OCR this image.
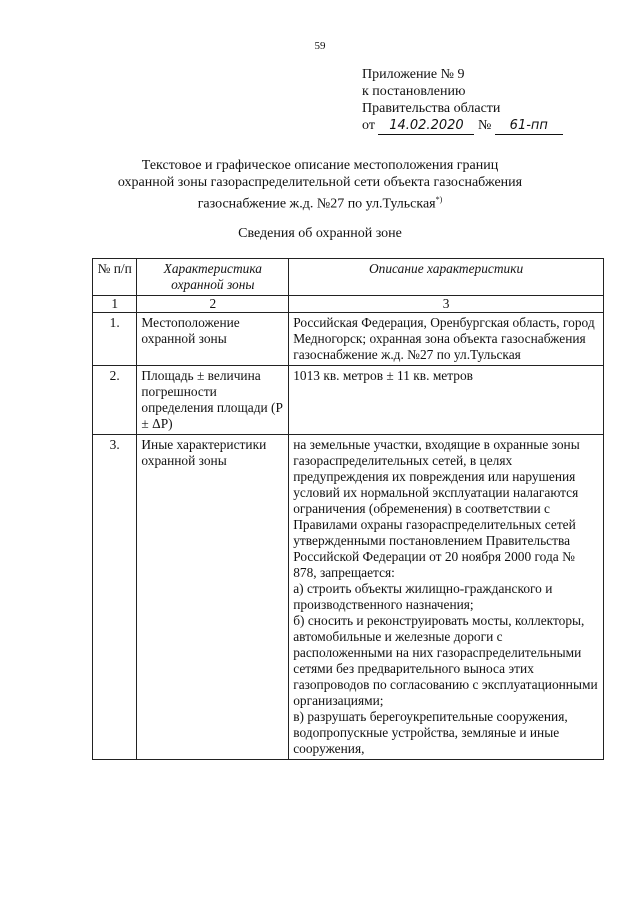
59
Приложение № 9
к постановлению
Правительства области
от 14.02.2020 № 61-пп
Текстовое и графическое описание местоположения границ
охранной зоны газораспределительной сети объекта газоснабжения
газоснабжение ж.д. №27 по ул.Тульская*)
Сведения об охранной зоне
№ п/п	Характеристика охранной зоны	Описание характеристики
1	2	3
1.	Местоположение охранной зоны	Российская Федерация, Оренбургская область, город Медногорск; охранная зона объекта газоснабжения газоснабжение ж.д. №27 по ул.Тульская
2.	Площадь ± величина погрешности определения площади (Р ± ΔР)	1013 кв. метров ± 11 кв. метров
3.	Иные характеристики охранной зоны	на земельные участки, входящие в охранные зоны газораспределительных сетей, в целях предупреждения их повреждения или нарушения условий их нормальной эксплуатации налагаются ограничения (обременения) в соответствии с Правилами охраны газораспределительных сетей утвержденными постановлением Правительства Российской Федерации от 20 ноября 2000 года № 878, запрещается:
а) строить объекты жилищно-гражданского и производственного назначения;
б) сносить и реконструировать мосты, коллекторы, автомобильные и железные дороги с расположенными на них газораспределительными сетями без предварительного выноса этих газопроводов по согласованию с эксплуатационными организациями;
в) разрушать берегоукрепительные сооружения, водопропускные устройства, земляные и иные сооружения,
